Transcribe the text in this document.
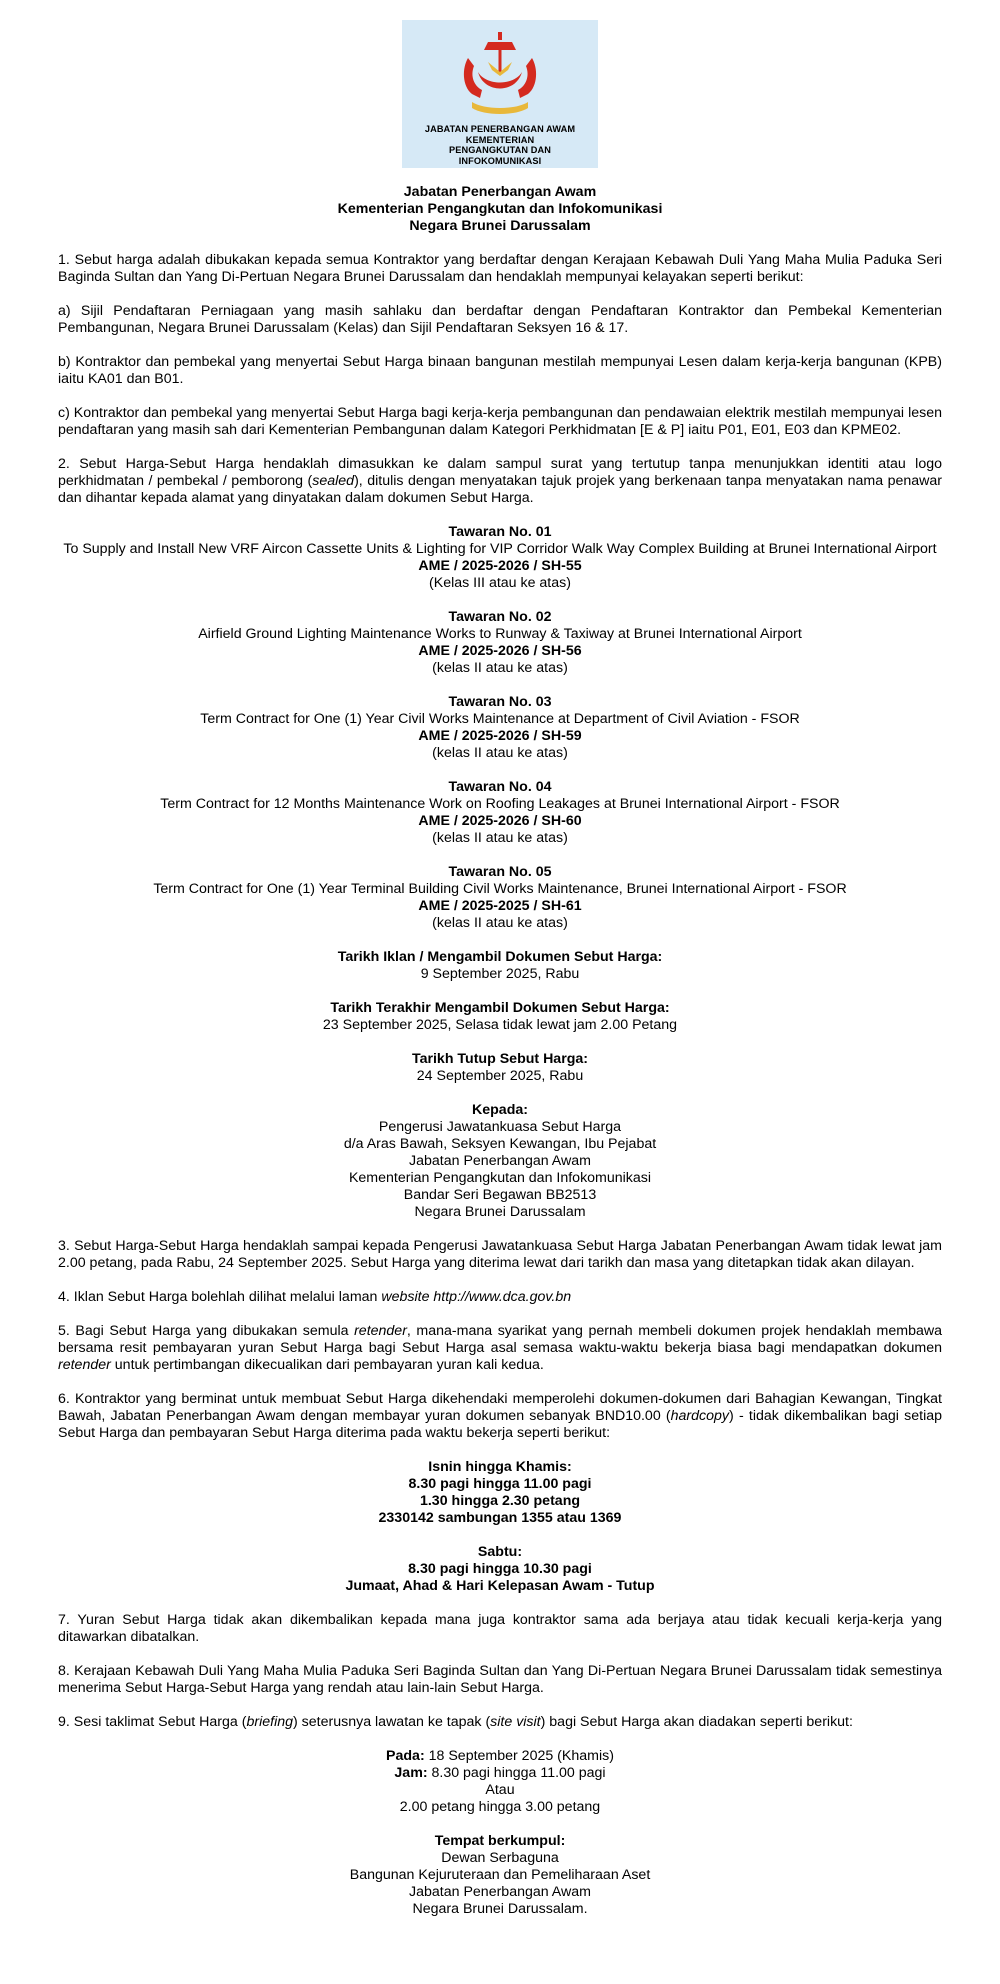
JABATAN PENERBANGAN AWAM
KEMENTERIAN
PENGANGKUTAN DAN
INFOKOMUNIKASI
Jabatan Penerbangan Awam
Kementerian Pengangkutan dan Infokomunikasi
Negara Brunei Darussalam

1. Sebut harga adalah dibukakan kepada semua Kontraktor yang berdaftar dengan Kerajaan Kebawah Duli Yang Maha Mulia Paduka Seri Baginda Sultan dan Yang Di-Pertuan Negara Brunei Darussalam dan hendaklah mempunyai kelayakan seperti berikut:

a) Sijil Pendaftaran Perniagaan yang masih sahlaku dan berdaftar dengan Pendaftaran Kontraktor dan Pembekal Kementerian Pembangunan, Negara Brunei Darussalam (Kelas) dan Sijil Pendaftaran Seksyen 16 & 17.

b) Kontraktor dan pembekal yang menyertai Sebut Harga binaan bangunan mestilah mempunyai Lesen dalam kerja-kerja bangunan (KPB) iaitu KA01 dan B01.

c) Kontraktor dan pembekal yang menyertai Sebut Harga bagi kerja-kerja pembangunan dan pendawaian elektrik mestilah mempunyai lesen pendaftaran yang masih sah dari Kementerian Pembangunan dalam Kategori Perkhidmatan [E & P] iaitu P01, E01, E03 dan KPME02.

2. Sebut Harga-Sebut Harga hendaklah dimasukkan ke dalam sampul surat yang tertutup tanpa menunjukkan identiti atau logo perkhidmatan / pembekal / pemborong (sealed), ditulis dengan menyatakan tajuk projek yang berkenaan tanpa menyatakan nama penawar dan dihantar kepada alamat yang dinyatakan dalam dokumen Sebut Harga.

Tawaran No. 01
To Supply and Install New VRF Aircon Cassette Units & Lighting for VIP Corridor Walk Way Complex Building at Brunei International Airport
AME / 2025-2026 / SH-55
(Kelas III atau ke atas)
Tawaran No. 02
Airfield Ground Lighting Maintenance Works to Runway & Taxiway at Brunei International Airport
AME / 2025-2026 / SH-56
(kelas II atau ke atas)
Tawaran No. 03
Term Contract for One (1) Year Civil Works Maintenance at Department of Civil Aviation - FSOR
AME / 2025-2026 / SH-59
(kelas II atau ke atas)
Tawaran No. 04
Term Contract for 12 Months Maintenance Work on Roofing Leakages at Brunei International Airport - FSOR
AME / 2025-2026 / SH-60
(kelas II atau ke atas)
Tawaran No. 05
Term Contract for One (1) Year Terminal Building Civil Works Maintenance, Brunei International Airport - FSOR
AME / 2025-2025 / SH-61
(kelas II atau ke atas)
Tarikh Iklan / Mengambil Dokumen Sebut Harga:
9 September 2025, Rabu
Tarikh Terakhir Mengambil Dokumen Sebut Harga:
23 September 2025, Selasa tidak lewat jam 2.00 Petang
Tarikh Tutup Sebut Harga:
24 September 2025, Rabu
Kepada:
Pengerusi Jawatankuasa Sebut Harga
d/a Aras Bawah, Seksyen Kewangan, Ibu Pejabat
Jabatan Penerbangan Awam
Kementerian Pengangkutan dan Infokomunikasi
Bandar Seri Begawan BB2513
Negara Brunei Darussalam

3. Sebut Harga-Sebut Harga hendaklah sampai kepada Pengerusi Jawatankuasa Sebut Harga Jabatan Penerbangan Awam tidak lewat jam 2.00 petang, pada Rabu, 24 September 2025. Sebut Harga yang diterima lewat dari tarikh dan masa yang ditetapkan tidak akan dilayan.

4. Iklan Sebut Harga bolehlah dilihat melalui laman website http://www.dca.gov.bn

5. Bagi Sebut Harga yang dibukakan semula retender, mana-mana syarikat yang pernah membeli dokumen projek hendaklah membawa bersama resit pembayaran yuran Sebut Harga bagi Sebut Harga asal semasa waktu-waktu bekerja biasa bagi mendapatkan dokumen retender untuk pertimbangan dikecualikan dari pembayaran yuran kali kedua.

6. Kontraktor yang berminat untuk membuat Sebut Harga dikehendaki memperolehi dokumen-dokumen dari Bahagian Kewangan, Tingkat Bawah, Jabatan Penerbangan Awam dengan membayar yuran dokumen sebanyak BND10.00 (hardcopy) - tidak dikembalikan bagi setiap Sebut Harga dan pembayaran Sebut Harga diterima pada waktu bekerja seperti berikut:

Isnin hingga Khamis:
8.30 pagi hingga 11.00 pagi
1.30 hingga 2.30 petang
2330142 sambungan 1355 atau 1369
Sabtu:
8.30 pagi hingga 10.30 pagi
Jumaat, Ahad & Hari Kelepasan Awam - Tutup

7. Yuran Sebut Harga tidak akan dikembalikan kepada mana juga kontraktor sama ada berjaya atau tidak kecuali kerja-kerja yang ditawarkan dibatalkan.

8. Kerajaan Kebawah Duli Yang Maha Mulia Paduka Seri Baginda Sultan dan Yang Di-Pertuan Negara Brunei Darussalam tidak semestinya menerima Sebut Harga-Sebut Harga yang rendah atau lain-lain Sebut Harga.

9. Sesi taklimat Sebut Harga (briefing) seterusnya lawatan ke tapak (site visit) bagi Sebut Harga akan diadakan seperti berikut:

Pada: 18 September 2025 (Khamis)
Jam: 8.30 pagi hingga 11.00 pagi
Atau
2.00 petang hingga 3.00 petang
Tempat berkumpul:
Dewan Serbaguna
Bangunan Kejuruteraan dan Pemeliharaan Aset
Jabatan Penerbangan Awam
Negara Brunei Darussalam.
